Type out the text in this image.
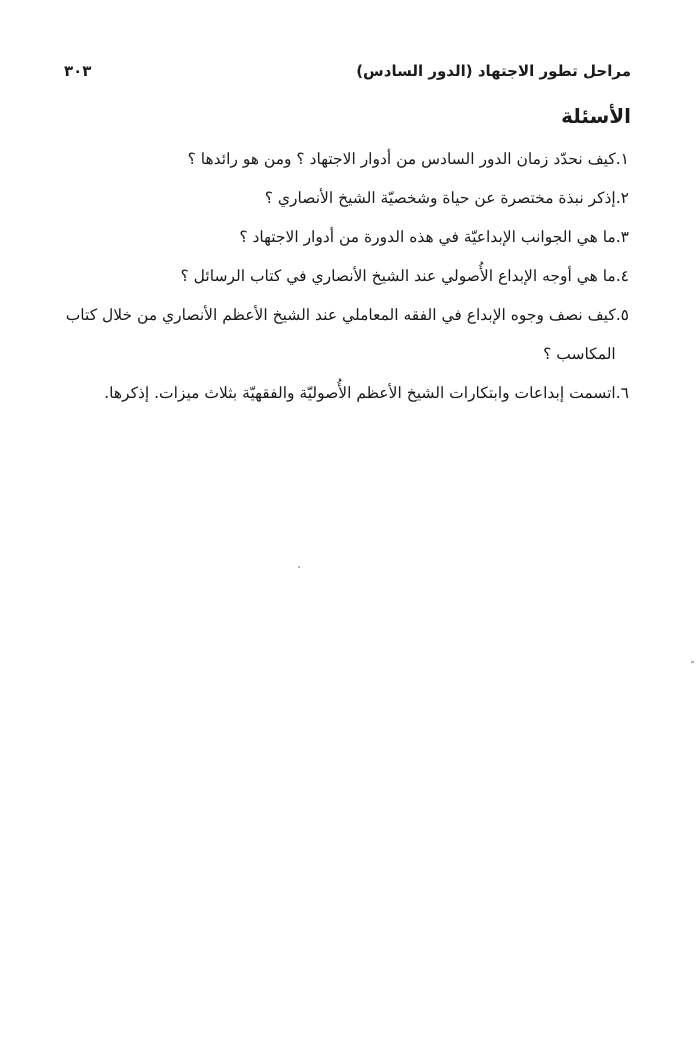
٣٠٣	مراحل تطور الاجتهاد (الدور السادس)
الأسئلة
١.
كيف نحدّد زمان الدور السادس من أدوار الاجتهاد ؟ ومن هو رائدها ؟
٢.
إذكر نبذة مختصرة عن حياة وشخصيّة الشيخ الأنصاري ؟
٣.
ما هي الجوانب الإبداعيّة في هذه الدورة من أدوار الاجتهاد ؟
٤.
ما هي أوجه الإبداع الأُصولي عند الشيخ الأنصاري في كتاب الرسائل ؟
٥.
كيف نصف وجوه الإبداع في الفقه المعاملي عند الشيخ الأعظم الأنصاري من خلال كتاب المكاسب ؟
٦.
اتسمت إبداعات وابتكارات الشيخ الأعظم الأُصوليّة والفقهيّة بثلاث ميزات. إذكرها.
